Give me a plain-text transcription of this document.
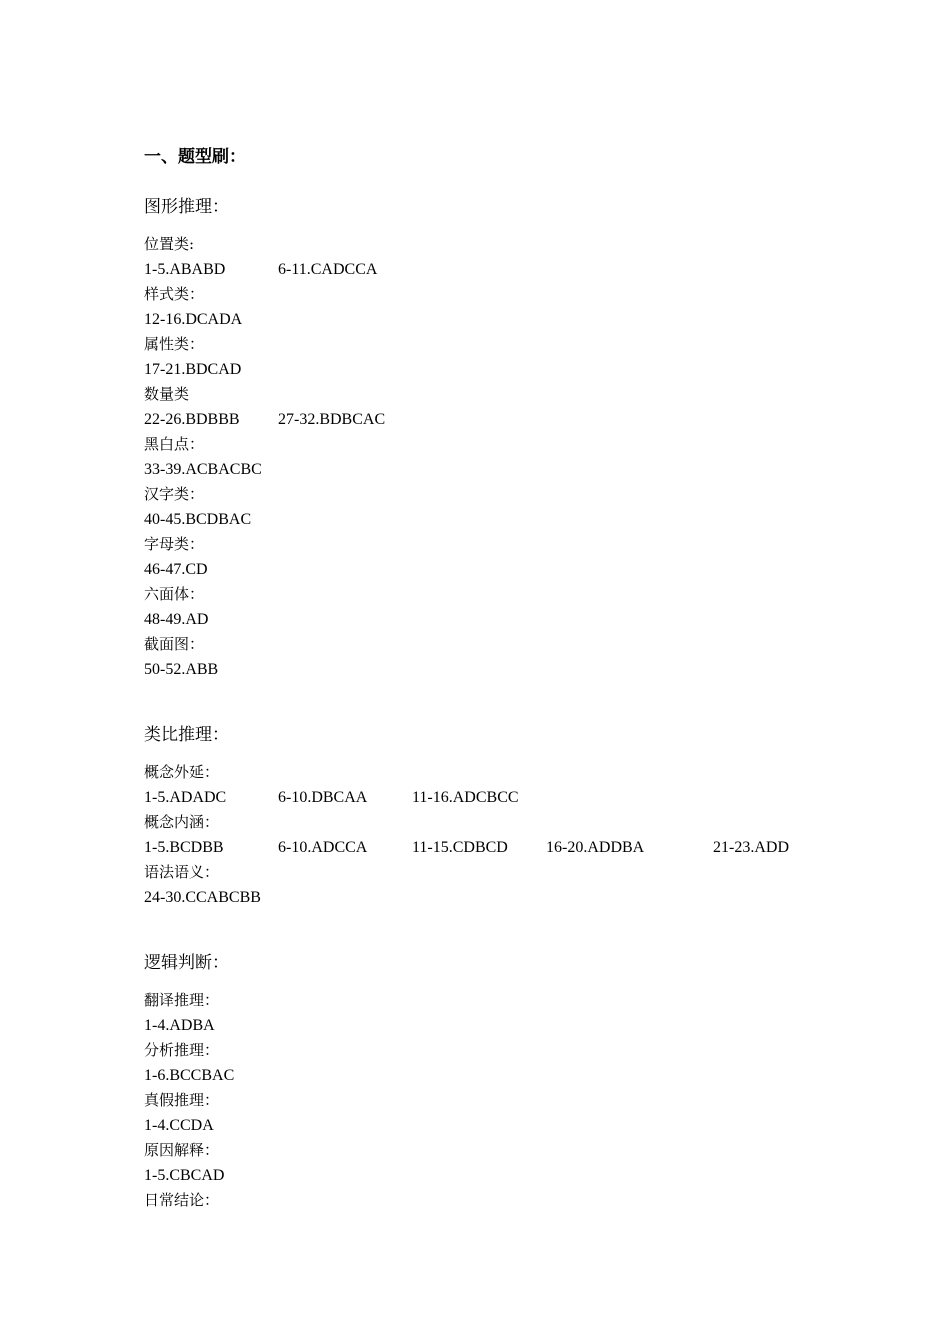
一、题型刷：
图形推理：
位置类:
1-5.ABABD	6-11.CADCCA
样式类：
12-16.DCADA
属性类：
17-21.BDCAD
数量类
22-26.BDBBB 27-32.BDBCAC
黑白点：
33-39.ACBACBC
汉字类：
40-45.BCDBAC
字母类：
46-47.CD
六面体：
48-49.AD
截面图：
50-52.ABB
类比推理：
概念外延：
1-5.ADADC	6-10.DBCAA	11-16.ADCBCC
概念内涵：
1-5.BCDBB	6-10.ADCCA	11-15.CDBCD 16-20.ADDBA	21-23.ADD
语法语义：
24-30.CCABCBB
逻辑判断：
翻译推理：
1-4.ADBA
分析推理：
1-6.BCCBAC
真假推理：
1-4.CCDA
原因解释：
1-5.CBCAD
日常结论：
